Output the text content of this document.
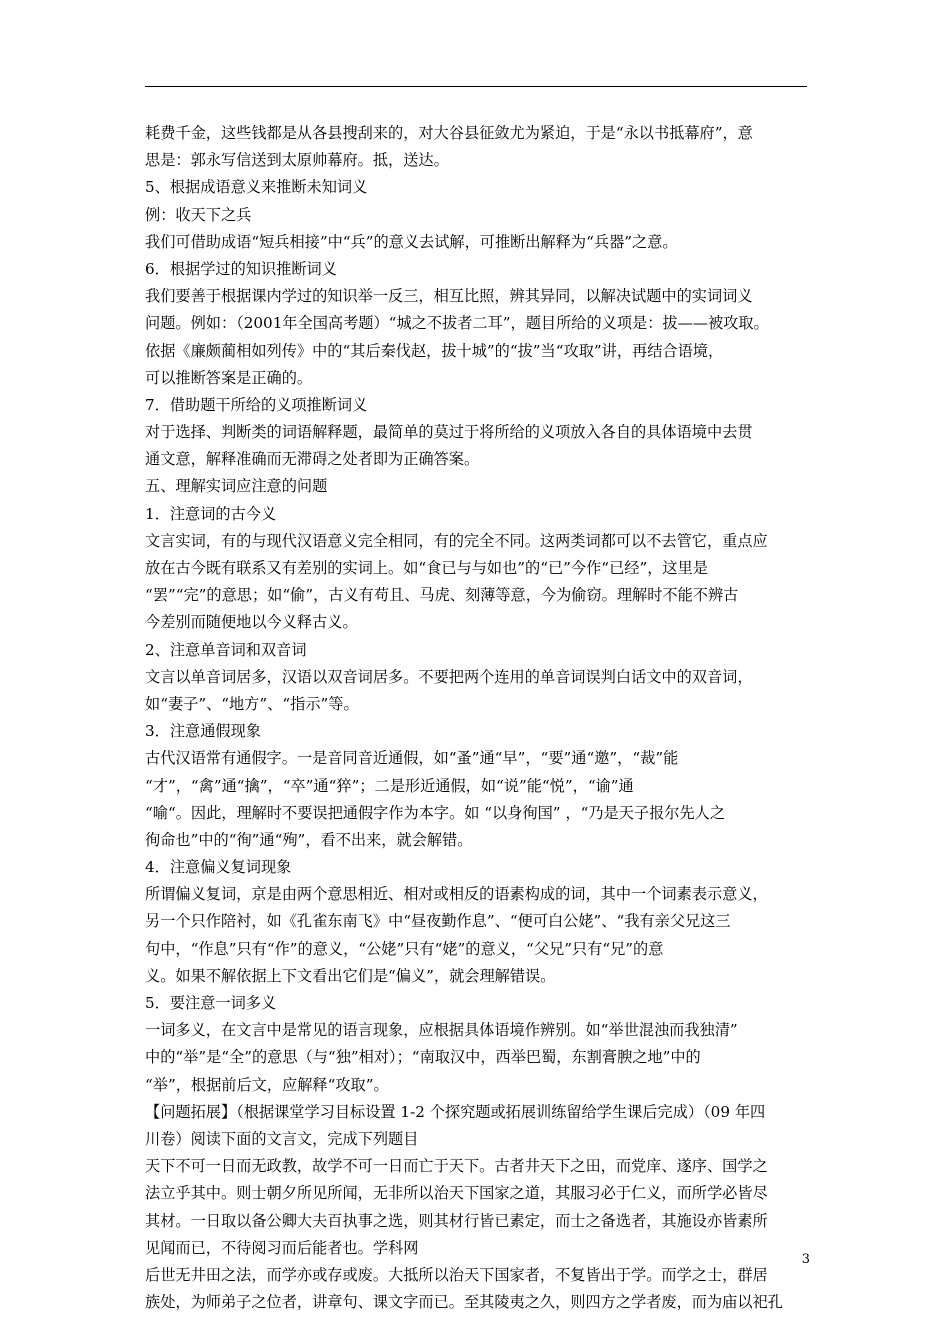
耗费千金，这些钱都是从各县搜刮来的，对大谷县征敛尤为紧迫，于是“永以书抵幕府”，意
思是：郭永写信送到太原帅幕府。抵，送达。
5、根据成语意义来推断未知词义
例：收天下之兵
我们可借助成语“短兵相接”中“兵”的意义去试解，可推断出解释为“兵器”之意。
6．根据学过的知识推断词义
我们要善于根据课内学过的知识举一反三，相互比照，辨其异同，以解决试题中的实词词义
问题。例如：（2001年全国高考题）“城之不拔者二耳”，题目所给的义项是：拔——被攻取。
依据《廉颇蔺相如列传》中的“其后秦伐赵，拔十城”的“拔”当“攻取”讲，再结合语境，
可以推断答案是正确的。
7．借助题干所给的义项推断词义
对于选择、判断类的词语解释题，最简单的莫过于将所给的义项放入各自的具体语境中去贯
通文意，解释准确而无滞碍之处者即为正确答案。
五、理解实词应注意的问题
1．注意词的古今义
文言实词，有的与现代汉语意义完全相同，有的完全不同。这两类词都可以不去管它，重点应
放在古今既有联系又有差别的实词上。如“食已与与如也”的“已”今作“已经”，这里是
“罢”“完”的意思；如“偷”，古义有苟且、马虎、刻薄等意，今为偷窃。理解时不能不辨古
今差别而随便地以今义释古义。
2、注意单音词和双音词
文言以单音词居多，汉语以双音词居多。不要把两个连用的单音词误判白话文中的双音词，
如“妻子”、“地方”、“指示”等。
3．注意通假现象
古代汉语常有通假字。一是音同音近通假，如“蚤”通“早”，“要”通“邀”，“裁”能
“才”，“禽”通“擒”，“卒”通“猝”；二是形近通假，如“说”能“悦”，“谕”通
“喻“。因此，理解时不要误把通假字作为本字。如 “以身徇国” ，“乃是天子报尔先人之
徇命也”中的“徇”通“殉”，看不出来，就会解错。
4．注意偏义复词现象
所谓偏义复词，京是由两个意思相近、相对或相反的语素构成的词，其中一个词素表示意义，
另一个只作陪衬，如《孔雀东南飞》中“昼夜勤作息”、“便可白公姥”、“我有亲父兄这三
句中，“作息”只有“作”的意义，“公姥”只有“姥”的意义，“父兄”只有“兄”的意
义。如果不解依据上下文看出它们是“偏义”，就会理解错误。
5．要注意一词多义
一词多义，在文言中是常见的语言现象，应根据具体语境作辨别。如“举世混浊而我独清”
中的“举”是“全”的意思（与“独”相对）；“南取汉中，西举巴蜀，东割膏腴之地”中的
“举”，根据前后文，应解释“攻取”。
【问题拓展】（根据课堂学习目标设置 1-2 个探究题或拓展训练留给学生课后完成）（09 年四
川卷）阅读下面的文言文，完成下列题目
天下不可一日而无政教，故学不可一日而亡于天下。古者井天下之田，而党庠、遂序、国学之
法立乎其中。则士朝夕所见所闻，无非所以治天下国家之道，其服习必于仁义，而所学必皆尽
其材。一日取以备公卿大夫百执事之选，则其材行皆已素定，而士之备选者，其施设亦皆素所
见闻而已，不待阅习而后能者也。学科网
后世无井田之法，而学亦或存或废。大抵所以治天下国家者，不复皆出于学。而学之士，群居
族处，为师弟子之位者，讲章句、课文字而已。至其陵夷之久，则四方之学者废，而为庙以祀孔
3
